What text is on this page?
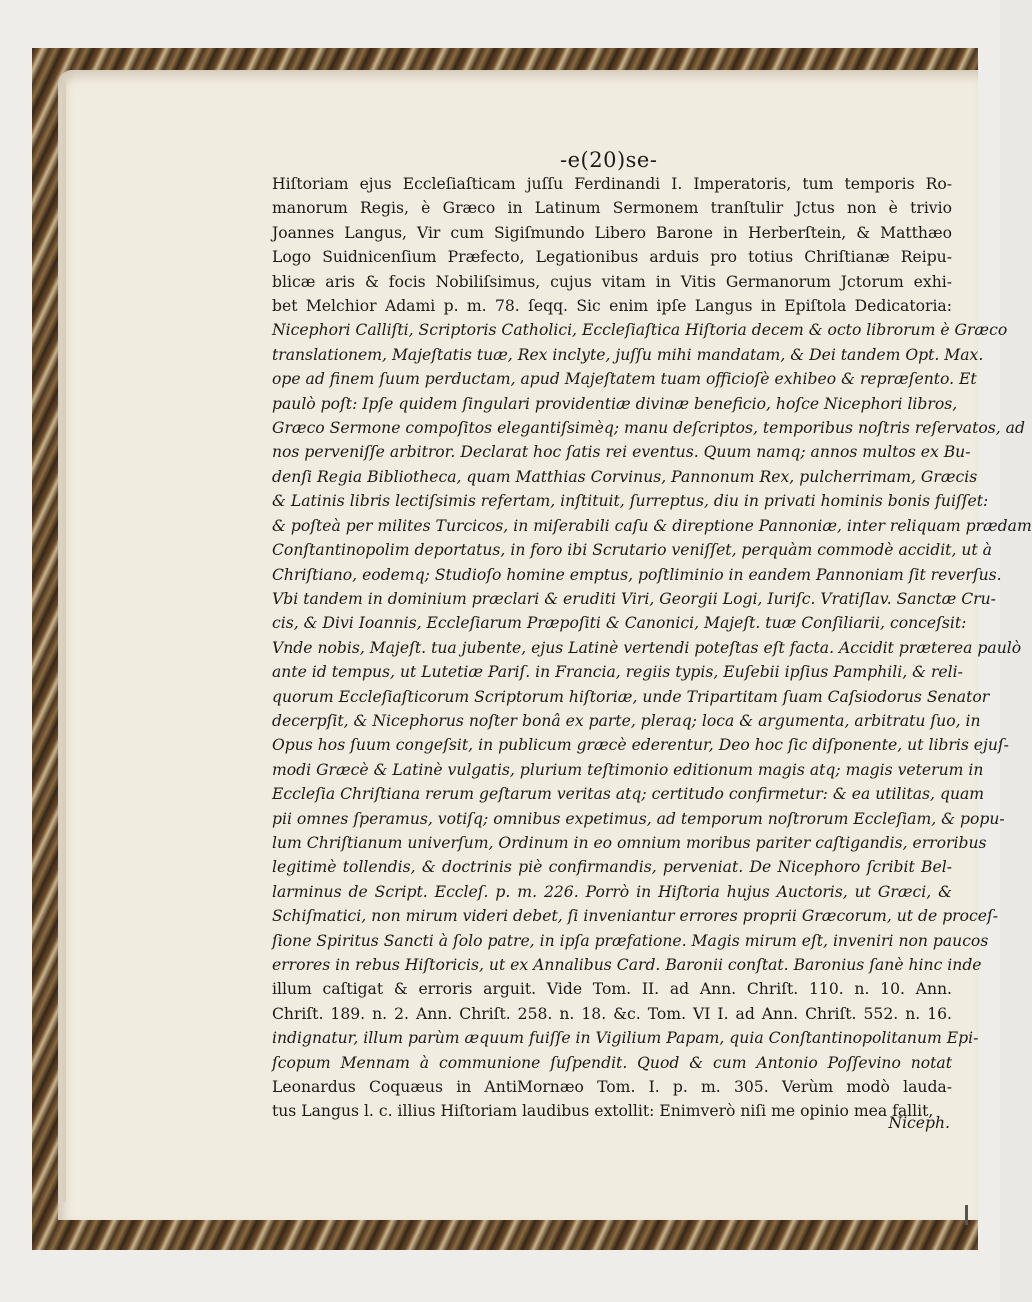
-e(20)se-
Hiſtoriam ejus Eccleſiaſticam juſſu Ferdinandi I. Imperatoris, tum temporis Ro-
manorum Regis, è Græco in Latinum Sermonem tranſtulir Jctus non è trivio
Joannes Langus, Vir cum Sigiſmundo Libero Barone in Herberſtein, & Matthæo
Logo Suidnicenſium Præfecto, Legationibus arduis pro totius Chriſtianæ Reipu-
blicæ aris & focis Nobiliſsimus, cujus vitam in Vitis Germanorum Jctorum exhi-
bet Melchior Adami p. m. 78. ſeqq. Sic enim ipſe Langus in Epiſtola Dedicatoria:
Nicephori Calliſti, Scriptoris Catholici, Eccleſiaſtica Hiſtoria decem & octo librorum è Græco
translationem, Majeſtatis tuæ, Rex inclyte, juſſu mihi mandatam, & Dei tandem Opt. Max.
ope ad finem ſuum perductam, apud Majeſtatem tuam officioſè exhibeo & repræſento. Et
paulò poſt: Ipſe quidem ſingulari providentiæ divinæ beneficio, hoſce Nicephori libros,
Græco Sermone compoſitos elegantiſsimèq; manu deſcriptos, temporibus noſtris reſervatos, ad
nos perveniſſe arbitror. Declarat hoc ſatis rei eventus. Quum namq; annos multos ex Bu-
denſi Regia Bibliotheca, quam Matthias Corvinus, Pannonum Rex, pulcherrimam, Græcis
& Latinis libris lectiſsimis refertam, inſtituit, ſurreptus, diu in privati hominis bonis fuiſſet:
& poſteà per milites Turcicos, in miſerabili caſu & direptione Pannoniæ, inter reliquam prædam
Conſtantinopolim deportatus, in foro ibi Scrutario veniſſet, perquàm commodè accidit, ut à
Chriſtiano, eodemq; Studioſo homine emptus, poſtliminio in eandem Pannoniam ſit reverſus.
Vbi tandem in dominium præclari & eruditi Viri, Georgii Logi, Iuriſc. Vratiſlav. Sanctæ Cru-
cis, & Divi Ioannis, Eccleſiarum Præpoſiti & Canonici, Majeſt. tuæ Conſiliarii, conceſsit:
Vnde nobis, Majeſt. tua jubente, ejus Latinè vertendi poteſtas eſt facta. Accidit præterea paulò
ante id tempus, ut Lutetiæ Pariſ. in Francia, regiis typis, Euſebii ipſius Pamphili, & reli-
quorum Eccleſiaſticorum Scriptorum hiſtoriæ, unde Tripartitam ſuam Caſsiodorus Senator
decerpſit, & Nicephorus noſter bonâ ex parte, pleraq; loca & argumenta, arbitratu ſuo, in
Opus hos ſuum congeſsit, in publicum græcè ederentur, Deo hoc ſic diſponente, ut libris ejuſ-
modi Græcè & Latinè vulgatis, plurium teſtimonio editionum magis atq; magis veterum in
Eccleſia Chriſtiana rerum geſtarum veritas atq; certitudo confirmetur: & ea utilitas, quam
pii omnes ſperamus, votiſq; omnibus expetimus, ad temporum noſtrorum Eccleſiam, & popu-
lum Chriſtianum univerſum, Ordinum in eo omnium moribus pariter caſtigandis, erroribus
legitimè tollendis, & doctrinis piè confirmandis, perveniat. De Nicephoro ſcribit Bel-
larminus de Script. Eccleſ. p. m. 226. Porrò in Hiſtoria hujus Auctoris, ut Græci, &
Schiſmatici, non mirum videri debet, ſi inveniantur errores proprii Græcorum, ut de proceſ-
ſione Spiritus Sancti à ſolo patre, in ipſa præfatione. Magis mirum eſt, inveniri non paucos
errores in rebus Hiſtoricis, ut ex Annalibus Card. Baronii conſtat. Baronius ſanè hinc inde
illum caſtigat & erroris arguit. Vide Tom. II. ad Ann. Chriſt. 110. n. 10. Ann.
Chriſt. 189. n. 2. Ann. Chriſt. 258. n. 18. &c. Tom. VI I. ad Ann. Chriſt. 552. n. 16.
indignatur, illum parùm æquum fuiſſe in Vigilium Papam, quia Conſtantinopolitanum Epi-
ſcopum Mennam à communione ſuſpendit. Quod & cum Antonio Poſſevino notat
Leonardus Coquæus in AntiMornæo Tom. I. p. m. 305. Verùm modò lauda-
tus Langus l. c. illius Hiſtoriam laudibus extollit: Enimverò niſi me opinio mea fallit,
Niceph.
